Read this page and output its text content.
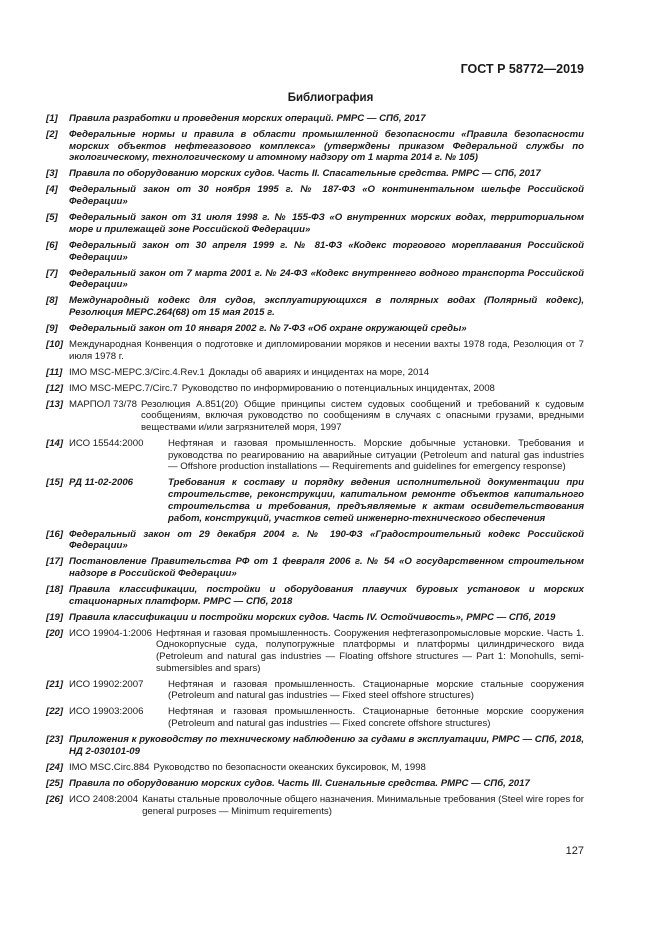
ГОСТ Р 58772—2019
Библиография
[1]	Правила разработки и проведения морских операций. РМРС — СПб, 2017
[2]	Федеральные нормы и правила в области промышленной безопасности «Правила безопасности морских объектов нефтегазового комплекса» (утверждены приказом Федеральной службы по экологическому, технологическому и атомному надзору от 1 марта 2014 г. № 105)
[3]	Правила по оборудованию морских судов. Часть II. Спасательные средства. РМРС — СПб, 2017
[4]	Федеральный закон от 30 ноября 1995 г. № 187-ФЗ «О континентальном шельфе Российской Федерации»
[5]	Федеральный закон от 31 июля 1998 г. № 155-ФЗ «О внутренних морских водах, территориальном море и прилежащей зоне Российской Федерации»
[6]	Федеральный закон от 30 апреля 1999 г. № 81-ФЗ «Кодекс торгового мореплавания Российской Федерации»
[7]	Федеральный закон от 7 марта 2001 г. № 24-ФЗ «Кодекс внутреннего водного транспорта Российской Федерации»
[8]	Международный кодекс для судов, эксплуатирующихся в полярных водах (Полярный кодекс), Резолюция MEPC.264(68) от 15 мая 2015 г.
[9]	Федеральный закон от 10 января 2002 г. № 7-ФЗ «Об охране окружающей среды»
[10] Международная Конвенция о подготовке и дипломировании моряков и несении вахты 1978 года, Резолюция от 7 июля 1978 г.
[11] IMO MSC-MEPC.3/Circ.4.Rev.1 Доклады об авариях и инцидентах на море, 2014
[12] IMO MSC-MEPC.7/Circ.7 Руководство по информированию о потенциальных инцидентах, 2008
[13] МАРПОЛ 73/78 Резолюция А.851(20) Общие принципы систем судовых сообщений и требований к судовым сообщениям, включая руководство по сообщениям в случаях с опасными грузами, вредными веществами и/или загрязнителей моря, 1997
[14] ИСО 15544:2000	Нефтяная и газовая промышленность. Морские добычные установки. Требования и руководства по реагированию на аварийные ситуации (Petroleum and natural gas industries — Offshore production installations — Requirements and guidelines for emergency response)
[15] РД 11-02-2006	Требования к составу и порядку ведения исполнительной документации при строительстве, реконструкции, капитальном ремонте объектов капитального строительства и требования, предъявляемые к актам освидетельствования работ, конструкций, участков сетей инженерно-технического обеспечения
[16] Федеральный закон от 29 декабря 2004 г. № 190-ФЗ «Градостроительный кодекс Российской Федерации»
[17] Постановление Правительства РФ от 1 февраля 2006 г. № 54 «О государственном строительном надзоре в Российской Федерации»
[18] Правила классификации, постройки и оборудования плавучих буровых установок и морских стационарных платформ. РМРС — СПб, 2018
[19] Правила классификации и постройки морских судов. Часть IV. Остойчивость», РМРС — СПб, 2019
[20] ИСО 19904-1:2006 Нефтяная и газовая промышленность. Сооружения нефтегазопромысловые морские. Часть 1. Однокорпусные суда, полупогружные платформы и платформы цилиндрического вида (Petroleum and natural gas industries — Floating offshore structures — Part 1: Monohulls, semi-submersibles and spars)
[21] ИСО 19902:2007	Нефтяная и газовая промышленность. Стационарные морские стальные сооружения (Petroleum and natural gas industries — Fixed steel offshore structures)
[22] ИСО 19903:2006	Нефтяная и газовая промышленность. Стационарные бетонные морские сооружения (Petroleum and natural gas industries — Fixed concrete offshore structures)
[23] Приложения к руководству по техническому наблюдению за судами в эксплуатации, РМРС — СПб, 2018, НД 2-030101-09
[24] IMO MSC.Circ.884 Руководство по безопасности океанских буксировок, М, 1998
[25] Правила по оборудованию морских судов. Часть III. Сигнальные средства. РМРС — СПб, 2017
[26] ИСО 2408:2004 Канаты стальные проволочные общего назначения. Минимальные требования (Steel wire ropes for general purposes — Minimum requirements)
127
